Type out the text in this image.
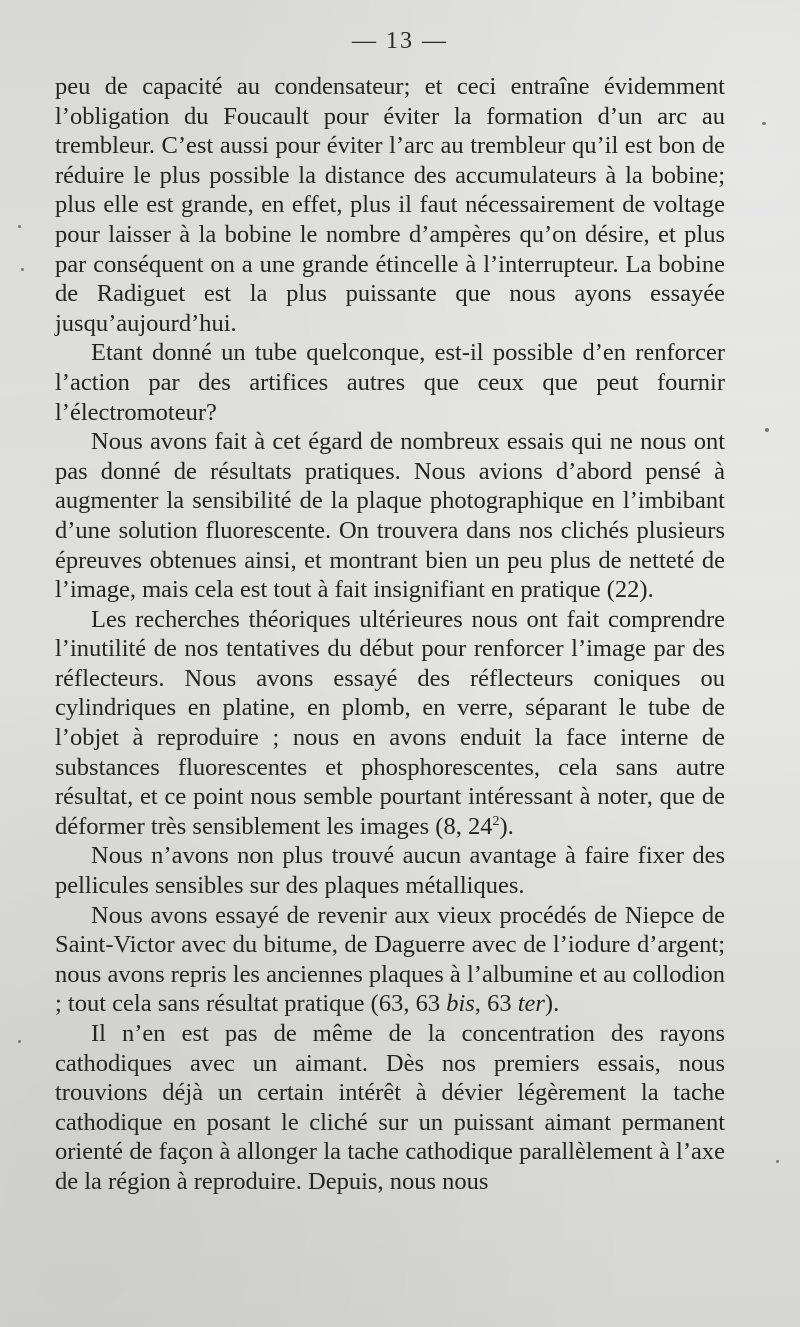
— 13 —

peu de capacité au condensateur; et ceci entraîne évidemment l’obligation du Foucault pour éviter la formation d’un arc au trembleur. C’est aussi pour éviter l’arc au trembleur qu’il est bon de réduire le plus possible la distance des accumulateurs à la bobine; plus elle est grande, en effet, plus il faut nécessairement de voltage pour laisser à la bobine le nombre d’ampères qu’on désire, et plus par conséquent on a une grande étincelle à l’interrupteur. La bobine de Radiguet est la plus puissante que nous ayons essayée jusqu’aujourd’hui.

Etant donné un tube quelconque, est-il possible d’en renforcer l’action par des artifices autres que ceux que peut fournir l’électromoteur?

Nous avons fait à cet égard de nombreux essais qui ne nous ont pas donné de résultats pratiques. Nous avions d’abord pensé à augmenter la sensibilité de la plaque photographique en l’imbibant d’une solution fluorescente. On trouvera dans nos clichés plusieurs épreuves obtenues ainsi, et montrant bien un peu plus de netteté de l’image, mais cela est tout à fait insignifiant en pratique (22).

Les recherches théoriques ultérieures nous ont fait comprendre l’inutilité de nos tentatives du début pour renforcer l’image par des réflecteurs. Nous avons essayé des réflecteurs coniques ou cylindriques en platine, en plomb, en verre, séparant le tube de l’objet à reproduire ; nous en avons enduit la face interne de substances fluorescentes et phosphorescentes, cela sans autre résultat, et ce point nous semble pourtant intéressant à noter, que de déformer très sensiblement les images (8, $24^2$).

Nous n’avons non plus trouvé aucun avantage à faire fixer des pellicules sensibles sur des plaques métalliques.

Nous avons essayé de revenir aux vieux procédés de Niepce de Saint-Victor avec du bitume, de Daguerre avec de l’iodure d’argent; nous avons repris les anciennes plaques à l’albumine et au collodion ; tout cela sans résultat pratique (63, 63 bis, 63 ter).

Il n’en est pas de même de la concentration des rayons cathodiques avec un aimant. Dès nos premiers essais, nous trouvions déjà un certain intérêt à dévier légèrement la tache cathodique en posant le cliché sur un puissant aimant permanent orienté de façon à allonger la tache cathodique parallèlement à l’axe de la région à reproduire. Depuis, nous nous
